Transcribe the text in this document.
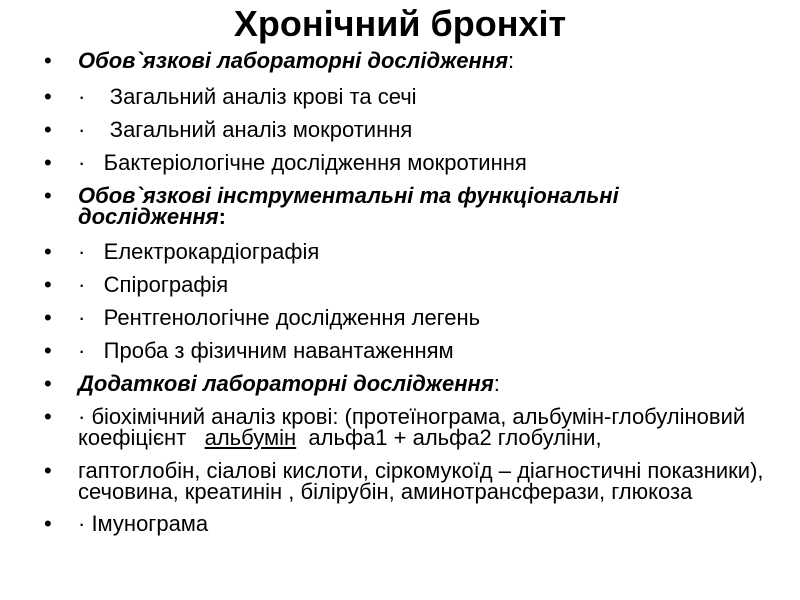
Хронічний бронхіт
• Обов`язкові лабораторні дослідження:
• ·    Загальний аналіз крові та сечі
• ·    Загальний аналіз мокротиння
• ·   Бактеріологічне дослідження мокротиння
• Обов`язкові інструментальні та функціональні дослідження:
• ·   Електрокардіографія
• ·   Спірографія
• ·   Рентгенологічне дослідження легень
• ·   Проба з фізичним навантаженням
• Додаткові лабораторні дослідження:
• · біохімічний аналіз крові: (протеїнограма, альбумін-глобуліновий коефіцієнт   альбумін  альфа1 + альфа2 глобуліни,
• гаптоглобін, сіалові кислоти, сіркомукоїд – діагностичні показники), сечовина, креатинін , білірубін, аминотрансферази, глюкоза
• · Імунограма
